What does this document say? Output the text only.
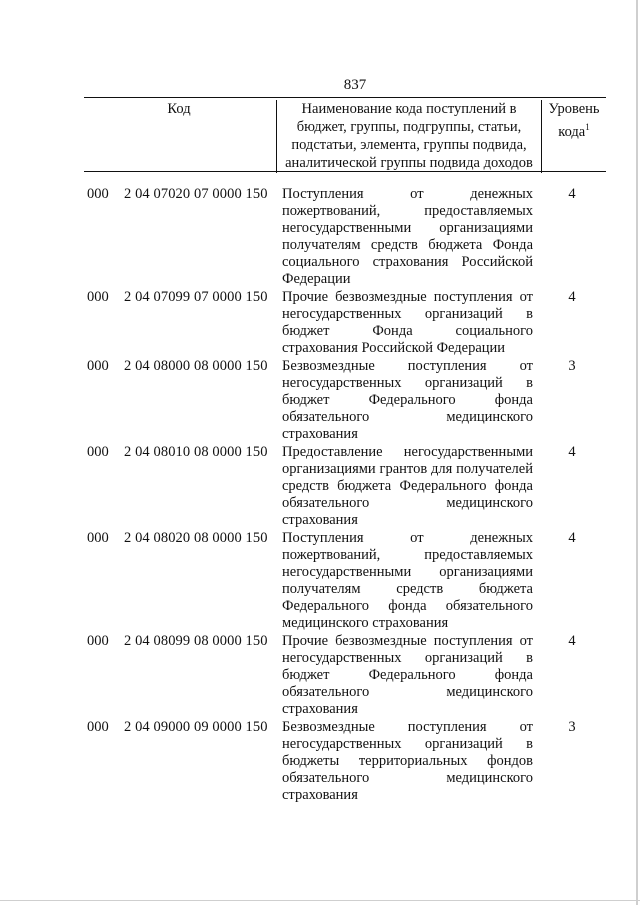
837
Код	Наименование кода поступлений в бюджет, группы, подгруппы, статьи, подстатьи, элемента, группы подвида, аналитической группы подвида доходов
Уровень кода$^1$
000 2 04 07020 07 0000 150 Поступления от денежных пожертвований, предоставляемых негосударственными организациями получателям средств бюджета Фонда социального страхования Российской Федерации
4
000 2 04 07099 07 0000 150 Прочие безвозмездные поступления от негосударственных организаций в бюджет Фонда социального страхования Российской Федерации
4
000 2 04 08000 08 0000 150 Безвозмездные поступления от негосударственных организаций в бюджет Федерального фонда обязательного медицинского страхования
3
000 2 04 08010 08 0000 150 Предоставление негосударственными организациями грантов для получателей средств бюджета Федерального фонда обязательного медицинского страхования
4
000 2 04 08020 08 0000 150 Поступления от денежных пожертвований, предоставляемых негосударственными организациями получателям средств бюджета Федерального фонда обязательного медицинского страхования
4
000 2 04 08099 08 0000 150 Прочие безвозмездные поступления от негосударственных организаций в бюджет Федерального фонда обязательного медицинского страхования
4
000 2 04 09000 09 0000 150 Безвозмездные поступления от негосударственных организаций в бюджеты территориальных фондов обязательного медицинского страхования
3
